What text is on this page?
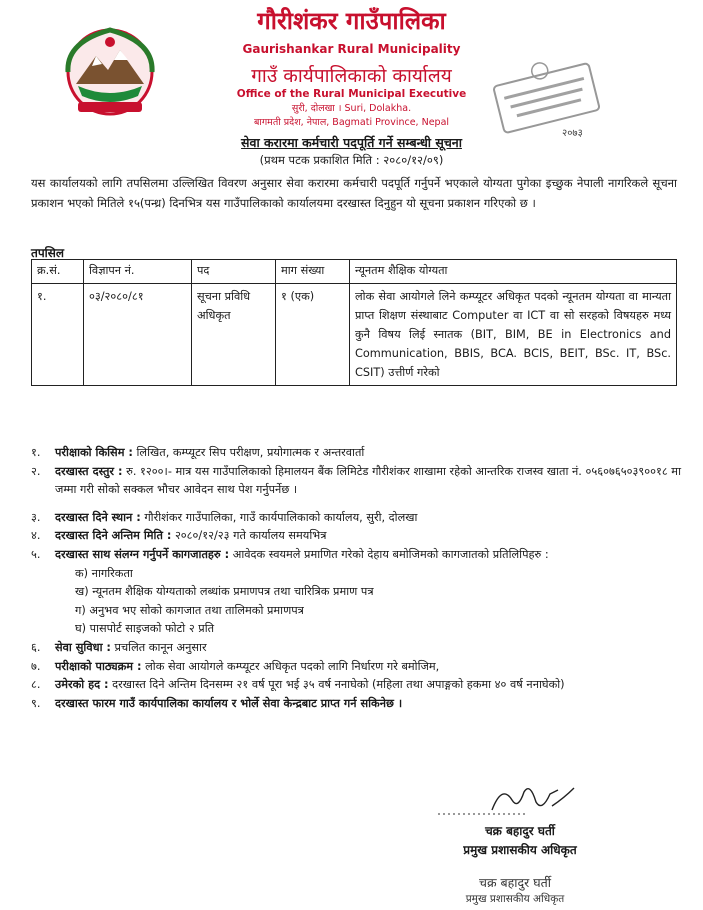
गौरीशंकर गाउँपालिका
Gaurishankar Rural Municipality
गाउँ कार्यपालिकाको कार्यालय
Office of the Rural Municipal Executive
सुरी, दोलखा । Suri, Dolakha.
बागमती प्रदेश, नेपाल, Bagmati Province, Nepal
२०७३
सेवा करारमा कर्मचारी पदपूर्ति गर्ने सम्बन्धी सूचना
(प्रथम पटक प्रकाशित मिति : २०८०/१२/०९)
यस कार्यालयको लागि तपसिलमा उल्लिखित विवरण अनुसार सेवा करारमा कर्मचारी पदपूर्ति गर्नुपर्ने भएकाले योग्यता पुगेका इच्छुक नेपाली नागरिकले सूचना प्रकाशन भएको मितिले १५(पन्ध्र) दिनभित्र यस गाउँपालिकाको कार्यालयमा दरखास्त दिनुहुन यो सूचना प्रकाशन गरिएको छ ।
तपसिल
क्र.सं.	विज्ञापन नं.	पद	माग संख्या	न्यूनतम शैक्षिक योग्यता
१.	०३/२०८०/८१	सूचना प्रविधि अधिकृत	१ (एक)	लोक सेवा आयोगले लिने कम्प्यूटर अधिकृत पदको न्यूनतम योग्यता वा मान्यता प्राप्त शिक्षण संस्थाबाट Computer वा ICT वा सो सरहको विषयहरु मध्य कुनै विषय लिई स्नातक (BIT, BIM, BE in Electronics and Communication, BBIS, BCA. BCIS, BEIT, BSc. IT, BSc. CSIT) उत्तीर्ण गरेको
१.	परीक्षाको किसिम : लिखित, कम्प्यूटर सिप परीक्षण, प्रयोगात्मक र अन्तरवार्ता
२.	दरखास्त दस्तुर : रु. १२००।- मात्र यस गाउँपालिकाको हिमालयन बैंक लिमिटेड गौरीशंकर शाखामा रहेको आन्तरिक राजस्व खाता नं. ०५६०७६५०३९००१८ मा जम्मा गरी सोको सक्कल भौचर आवेदन साथ पेश गर्नुपर्नेछ ।
३.	दरखास्त दिने स्थान : गौरीशंकर गाउँपालिका, गाउँ कार्यपालिकाको कार्यालय, सुरी, दोलखा
४.	दरखास्त दिने अन्तिम मिति : २०८०/१२/२३ गते कार्यालय समयभित्र
५.	दरखास्त साथ संलग्न गर्नुपर्ने कागजातहरु : आवेदक स्वयमले प्रमाणित गरेको देहाय बमोजिमको कागजातको प्रतिलिपिहरु :
क) नागरिकता
ख) न्यूनतम शैक्षिक योग्यताको लब्धांक प्रमाणपत्र तथा चारित्रिक प्रमाण पत्र
ग) अनुभव भए सोको कागजात तथा तालिमको प्रमाणपत्र
घ) पासपोर्ट साइजको फोटो २ प्रति
६.	सेवा सुविधा : प्रचलित कानून अनुसार
७.	परीक्षाको पाठ्यक्रम : लोक सेवा आयोगले कम्प्यूटर अधिकृत पदको लागि निर्धारण गरे बमोजिम,
८.	उमेरको हद : दरखास्त दिने अन्तिम दिनसम्म २१ वर्ष पूरा भई ३५ वर्ष ननाघेको (महिला तथा अपाङ्गको हकमा ४० वर्ष ननाघेको)
९.	दरखास्त फारम गाउँ कार्यपालिका कार्यालय र भोर्ले सेवा केन्द्रबाट प्राप्त गर्न सकिनेछ ।
चक्र बहादुर घर्ती
प्रमुख प्रशासकीय अधिकृत
चक्र बहादुर घर्ती
प्रमुख प्रशासकीय अधिकृत
